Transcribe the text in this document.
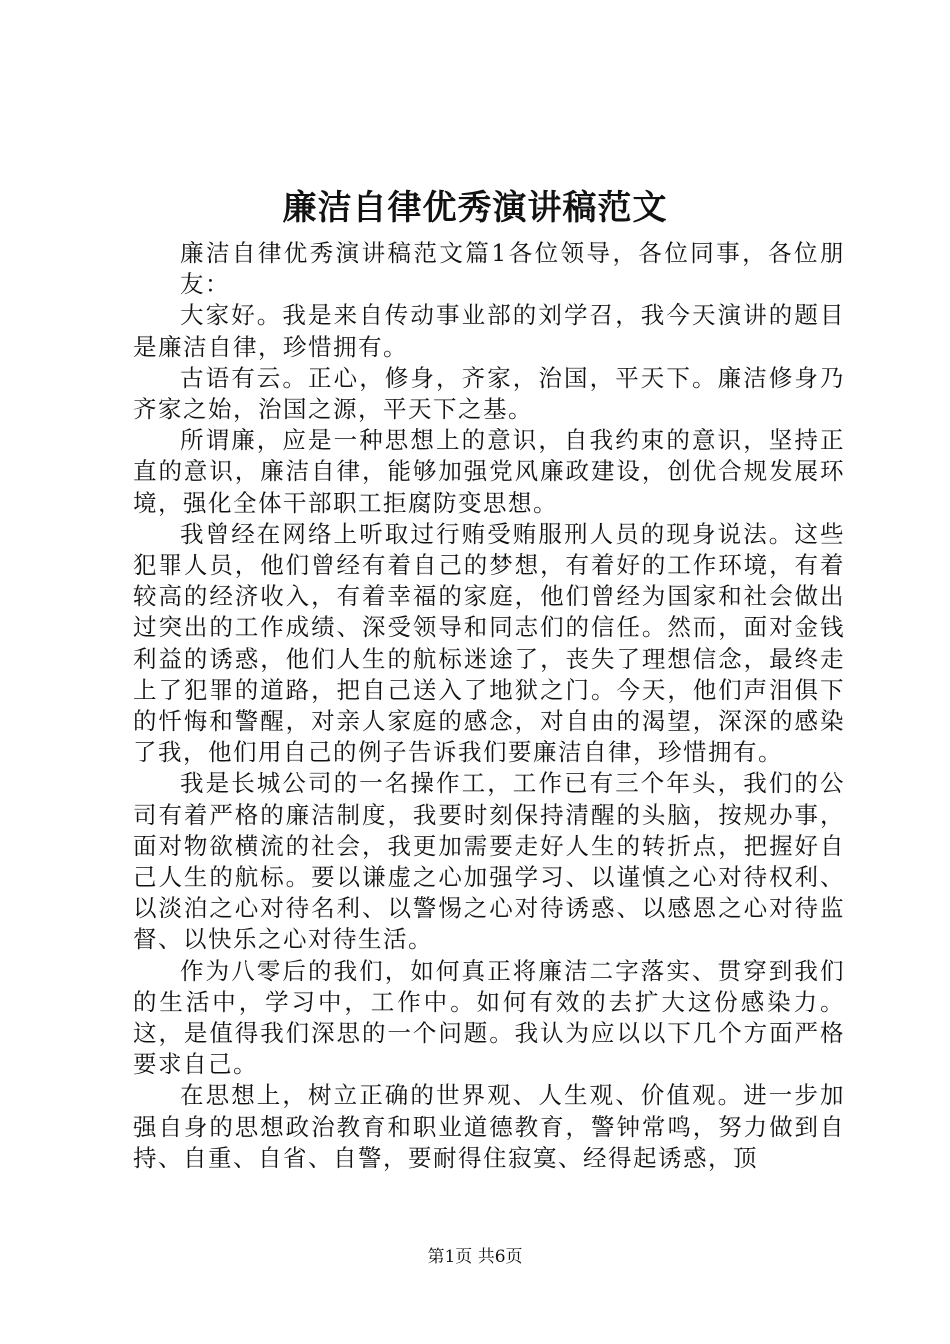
廉洁自律优秀演讲稿范文

廉洁自律优秀演讲稿范文篇1各位领导，各位同事，各位朋友：

大家好。我是来自传动事业部的刘学召，我今天演讲的题目是廉洁自律，珍惜拥有。

古语有云。正心，修身，齐家，治国，平天下。廉洁修身乃齐家之始，治国之源，平天下之基。

所谓廉，应是一种思想上的意识，自我约束的意识，坚持正直的意识，廉洁自律，能够加强党风廉政建设，创优合规发展环境，强化全体干部职工拒腐防变思想。

我曾经在网络上听取过行贿受贿服刑人员的现身说法。这些犯罪人员，他们曾经有着自己的梦想，有着好的工作环境，有着较高的经济收入，有着幸福的家庭，他们曾经为国家和社会做出过突出的工作成绩、深受领导和同志们的信任。然而，面对金钱利益的诱惑，他们人生的航标迷途了，丧失了理想信念，最终走上了犯罪的道路，把自己送入了地狱之门。今天，他们声泪俱下的忏悔和警醒，对亲人家庭的感念，对自由的渴望，深深的感染了我，他们用自己的例子告诉我们要廉洁自律，珍惜拥有。

我是长城公司的一名操作工，工作已有三个年头，我们的公司有着严格的廉洁制度，我要时刻保持清醒的头脑，按规办事，面对物欲横流的社会，我更加需要走好人生的转折点，把握好自己人生的航标。要以谦虚之心加强学习、以谨慎之心对待权利、以淡泊之心对待名利、以警惕之心对待诱惑、以感恩之心对待监督、以快乐之心对待生活。

作为八零后的我们，如何真正将廉洁二字落实、贯穿到我们的生活中，学习中，工作中。如何有效的去扩大这份感染力。这，是值得我们深思的一个问题。我认为应以以下几个方面严格要求自己。

在思想上，树立正确的世界观、人生观、价值观。进一步加强自身的思想政治教育和职业道德教育，警钟常鸣，努力做到自持、自重、自省、自警，要耐得住寂寞、经得起诱惑，顶

第1页 共6页
